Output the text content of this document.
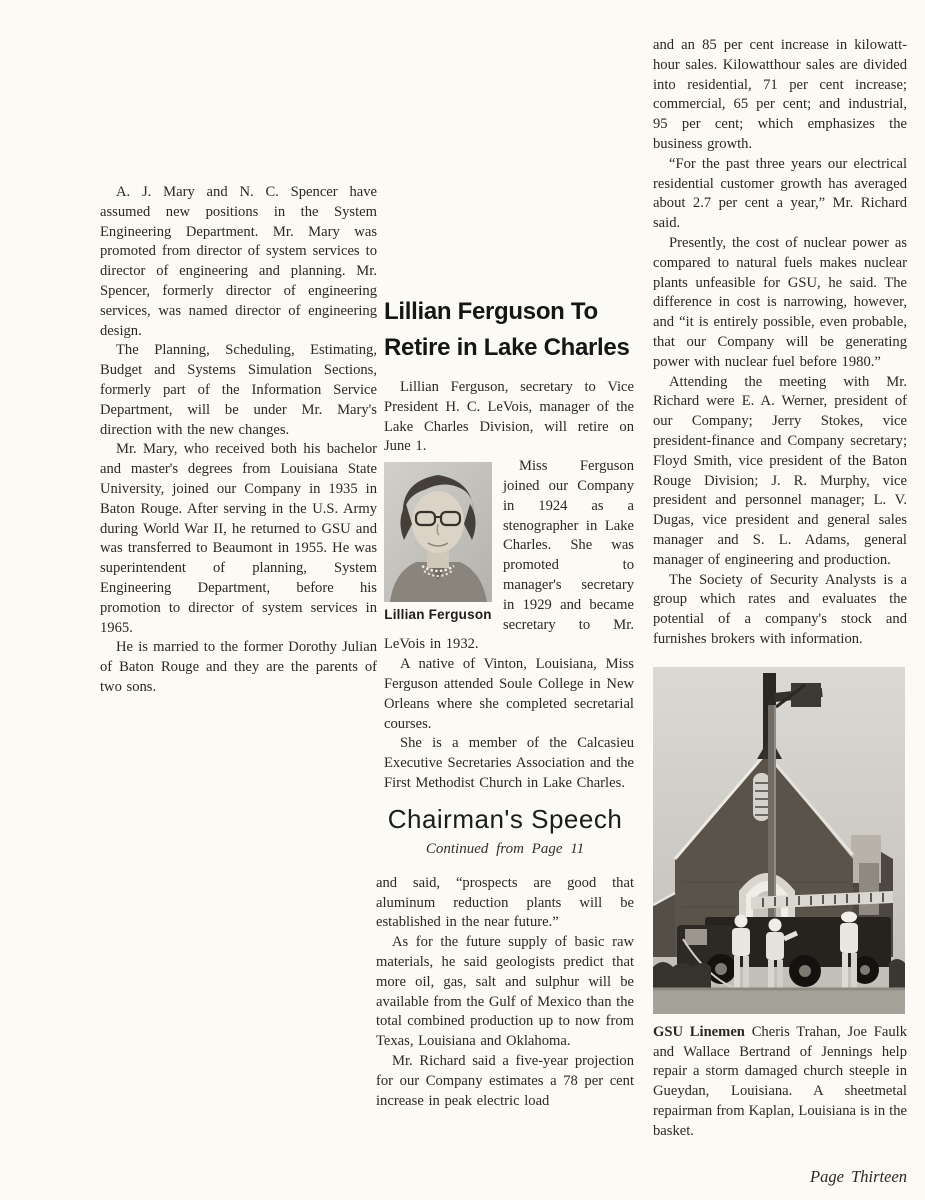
A. J. Mary and N. C. Spencer have assumed new positions in the System Engineering Department. Mr. Mary was promoted from director of system services to director of engineering and planning. Mr. Spencer, formerly director of engineering services, was named director of engineering design.

The Planning, Scheduling, Estimating, Budget and Systems Simulation Sections, formerly part of the Information Service Department, will be under Mr. Mary's direction with the new changes.

Mr. Mary, who received both his bachelor and master's degrees from Louisiana State University, joined our Company in 1935 in Baton Rouge. After serving in the U.S. Army during World War II, he returned to GSU and was transferred to Beaumont in 1955. He was superintendent of planning, System Engineering Department, before his promotion to director of system services in 1965.

He is married to the former Dorothy Julian of Baton Rouge and they are the parents of two sons.

Lillian Ferguson To
Retire in Lake Charles

Lillian Ferguson, secretary to Vice President H. C. LeVois, manager of the Lake Charles Division, will retire on June 1.

Lillian Ferguson

Miss Ferguson joined our Company in 1924 as a stenographer in Lake Charles. She was promoted to manager's secretary in 1929 and became secretary to Mr. LeVois in 1932.

A native of Vinton, Louisiana, Miss Ferguson attended Soule College in New Orleans where she completed secretarial courses.

She is a member of the Calcasieu Executive Secretaries Association and the First Methodist Church in Lake Charles.

Chairman's Speech
Continued from Page 11

and said, “prospects are good that aluminum reduction plants will be established in the near future.”

As for the future supply of basic raw materials, he said geologists predict that more oil, gas, salt and sulphur will be available from the Gulf of Mexico than the total combined production up to now from Texas, Louisiana and Oklahoma.

Mr. Richard said a five-year projection for our Company estimates a 78 per cent increase in peak electric load

and an 85 per cent increase in kilowatt-hour sales. Kilowatthour sales are divided into residential, 71 per cent increase; commercial, 65 per cent; and industrial, 95 per cent; which emphasizes the business growth.

“For the past three years our electrical residential customer growth has averaged about 2.7 per cent a year,” Mr. Richard said.

Presently, the cost of nuclear power as compared to natural fuels makes nuclear plants unfeasible for GSU, he said. The difference in cost is narrowing, however, and “it is entirely possible, even probable, that our Company will be generating power with nuclear fuel before 1980.”

Attending the meeting with Mr. Richard were E. A. Werner, president of our Company; Jerry Stokes, vice president-finance and Company secretary; Floyd Smith, vice president of the Baton Rouge Division; J. R. Murphy, vice president and personnel manager; L. V. Dugas, vice president and general sales manager and S. L. Adams, general manager of engineering and production.

The Society of Security Analysts is a group which rates and evaluates the potential of a company's stock and furnishes brokers with information.

GSU Linemen Cheris Trahan, Joe Faulk and Wallace Bertrand of Jennings help repair a storm damaged church steeple in Gueydan, Louisiana. A sheetmetal repairman from Kaplan, Louisiana is in the basket.
Page Thirteen
